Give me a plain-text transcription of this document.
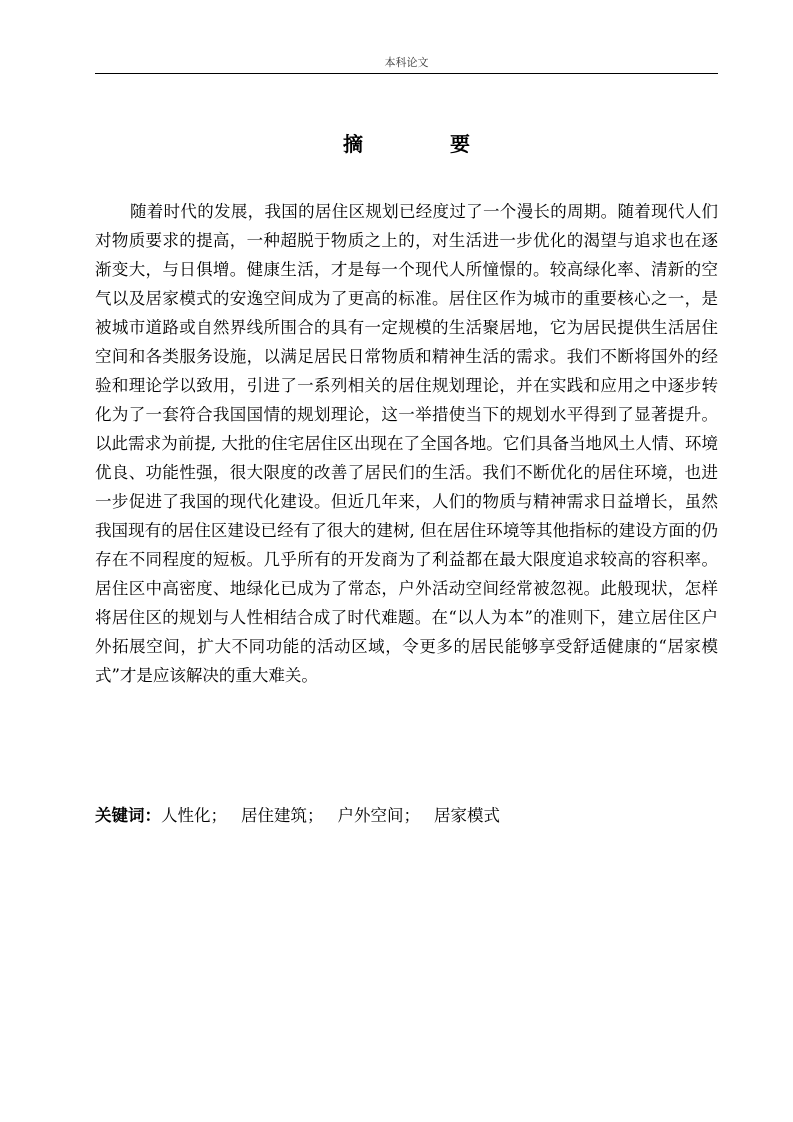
本科论文
摘 要

随着时代的发展，我国的居住区规划已经度过了一个漫长的周期。随着现代人们对物质要求的提高，一种超脱于物质之上的，对生活进一步优化的渴望与追求也在逐渐变大，与日俱增。健康生活，才是每一个现代人所憧憬的。较高绿化率、清新的空气以及居家模式的安逸空间成为了更高的标准。居住区作为城市的重要核心之一，是被城市道路或自然界线所围合的具有一定规模的生活聚居地，它为居民提供生活居住空间和各类服务设施，以满足居民日常物质和精神生活的需求。我们不断将国外的经验和理论学以致用，引进了一系列相关的居住规划理论，并在实践和应用之中逐步转化为了一套符合我国国情的规划理论，这一举措使当下的规划水平得到了显著提升。以此需求为前提, 大批的住宅居住区出现在了全国各地。它们具备当地风土人情、环境优良、功能性强，很大限度的改善了居民们的生活。我们不断优化的居住环境，也进一步促进了我国的现代化建设。但近几年来，人们的物质与精神需求日益增长，虽然我国现有的居住区建设已经有了很大的建树, 但在居住环境等其他指标的建设方面的仍存在不同程度的短板。几乎所有的开发商为了利益都在最大限度追求较高的容积率。居住区中高密度、地绿化已成为了常态，户外活动空间经常被忽视。此般现状，怎样将居住区的规划与人性相结合成了时代难题。在“以人为本”的准则下，建立居住区户外拓展空间，扩大不同功能的活动区域，令更多的居民能够享受舒适健康的“居家模式”才是应该解决的重大难关。

关键词：人性化； 居住建筑； 户外空间； 居家模式
